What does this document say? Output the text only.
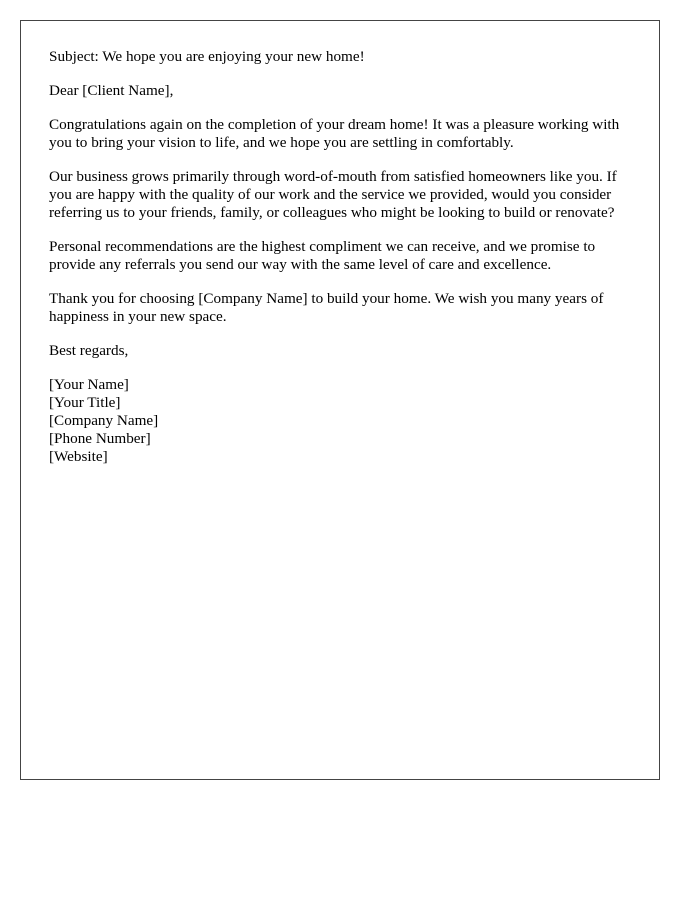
Subject: We hope you are enjoying your new home!

Dear [Client Name],

Congratulations again on the completion of your dream home! It was a pleasure working with you to bring your vision to life, and we hope you are settling in comfortably.

Our business grows primarily through word-of-mouth from satisfied homeowners like you. If you are happy with the quality of our work and the service we provided, would you consider referring us to your friends, family, or colleagues who might be looking to build or renovate?

Personal recommendations are the highest compliment we can receive, and we promise to provide any referrals you send our way with the same level of care and excellence.

Thank you for choosing [Company Name] to build your home. We wish you many years of happiness in your new space.

Best regards,

[Your Name]
[Your Title]
[Company Name]
[Phone Number]
[Website]
